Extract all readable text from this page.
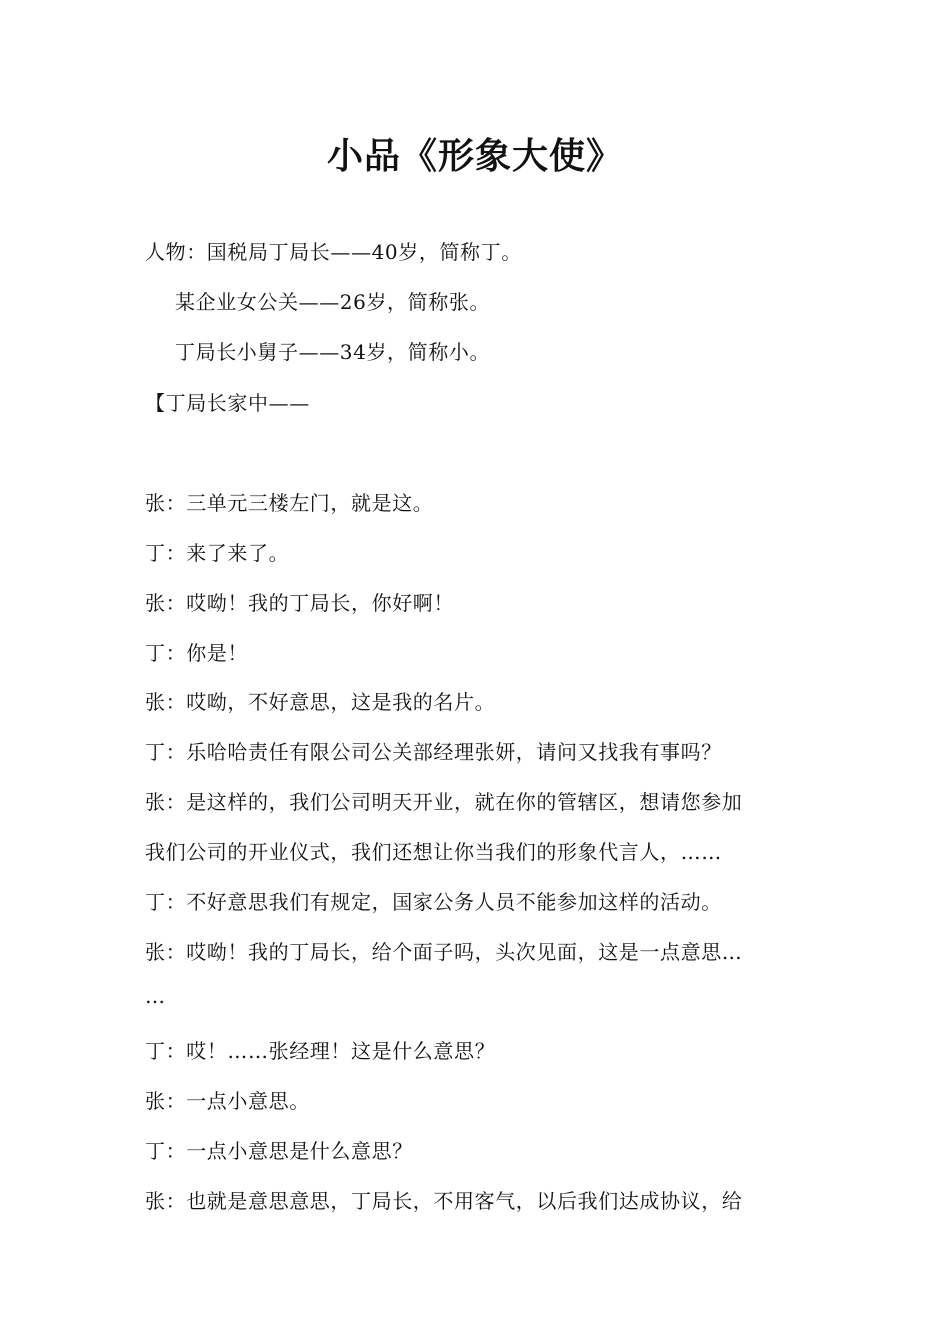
小品《形象大使》
人物：国税局丁局长——40岁，简称丁。
某企业女公关——26岁，简称张。
丁局长小舅子——34岁，简称小。
【丁局长家中——
张：三单元三楼左门，就是这。
丁：来了来了。
张：哎呦！我的丁局长，你好啊！
丁：你是！
张：哎呦，不好意思，这是我的名片。
丁：乐哈哈责任有限公司公关部经理张妍，请问又找我有事吗？
张：是这样的，我们公司明天开业，就在你的管辖区，想请您参加
我们公司的开业仪式，我们还想让你当我们的形象代言人，……
丁：不好意思我们有规定，国家公务人员不能参加这样的活动。
张：哎呦！我的丁局长，给个面子吗，头次见面，这是一点意思…
…
丁：哎！……张经理！这是什么意思？
张：一点小意思。
丁：一点小意思是什么意思？
张：也就是意思意思，丁局长，不用客气，以后我们达成协议，给
